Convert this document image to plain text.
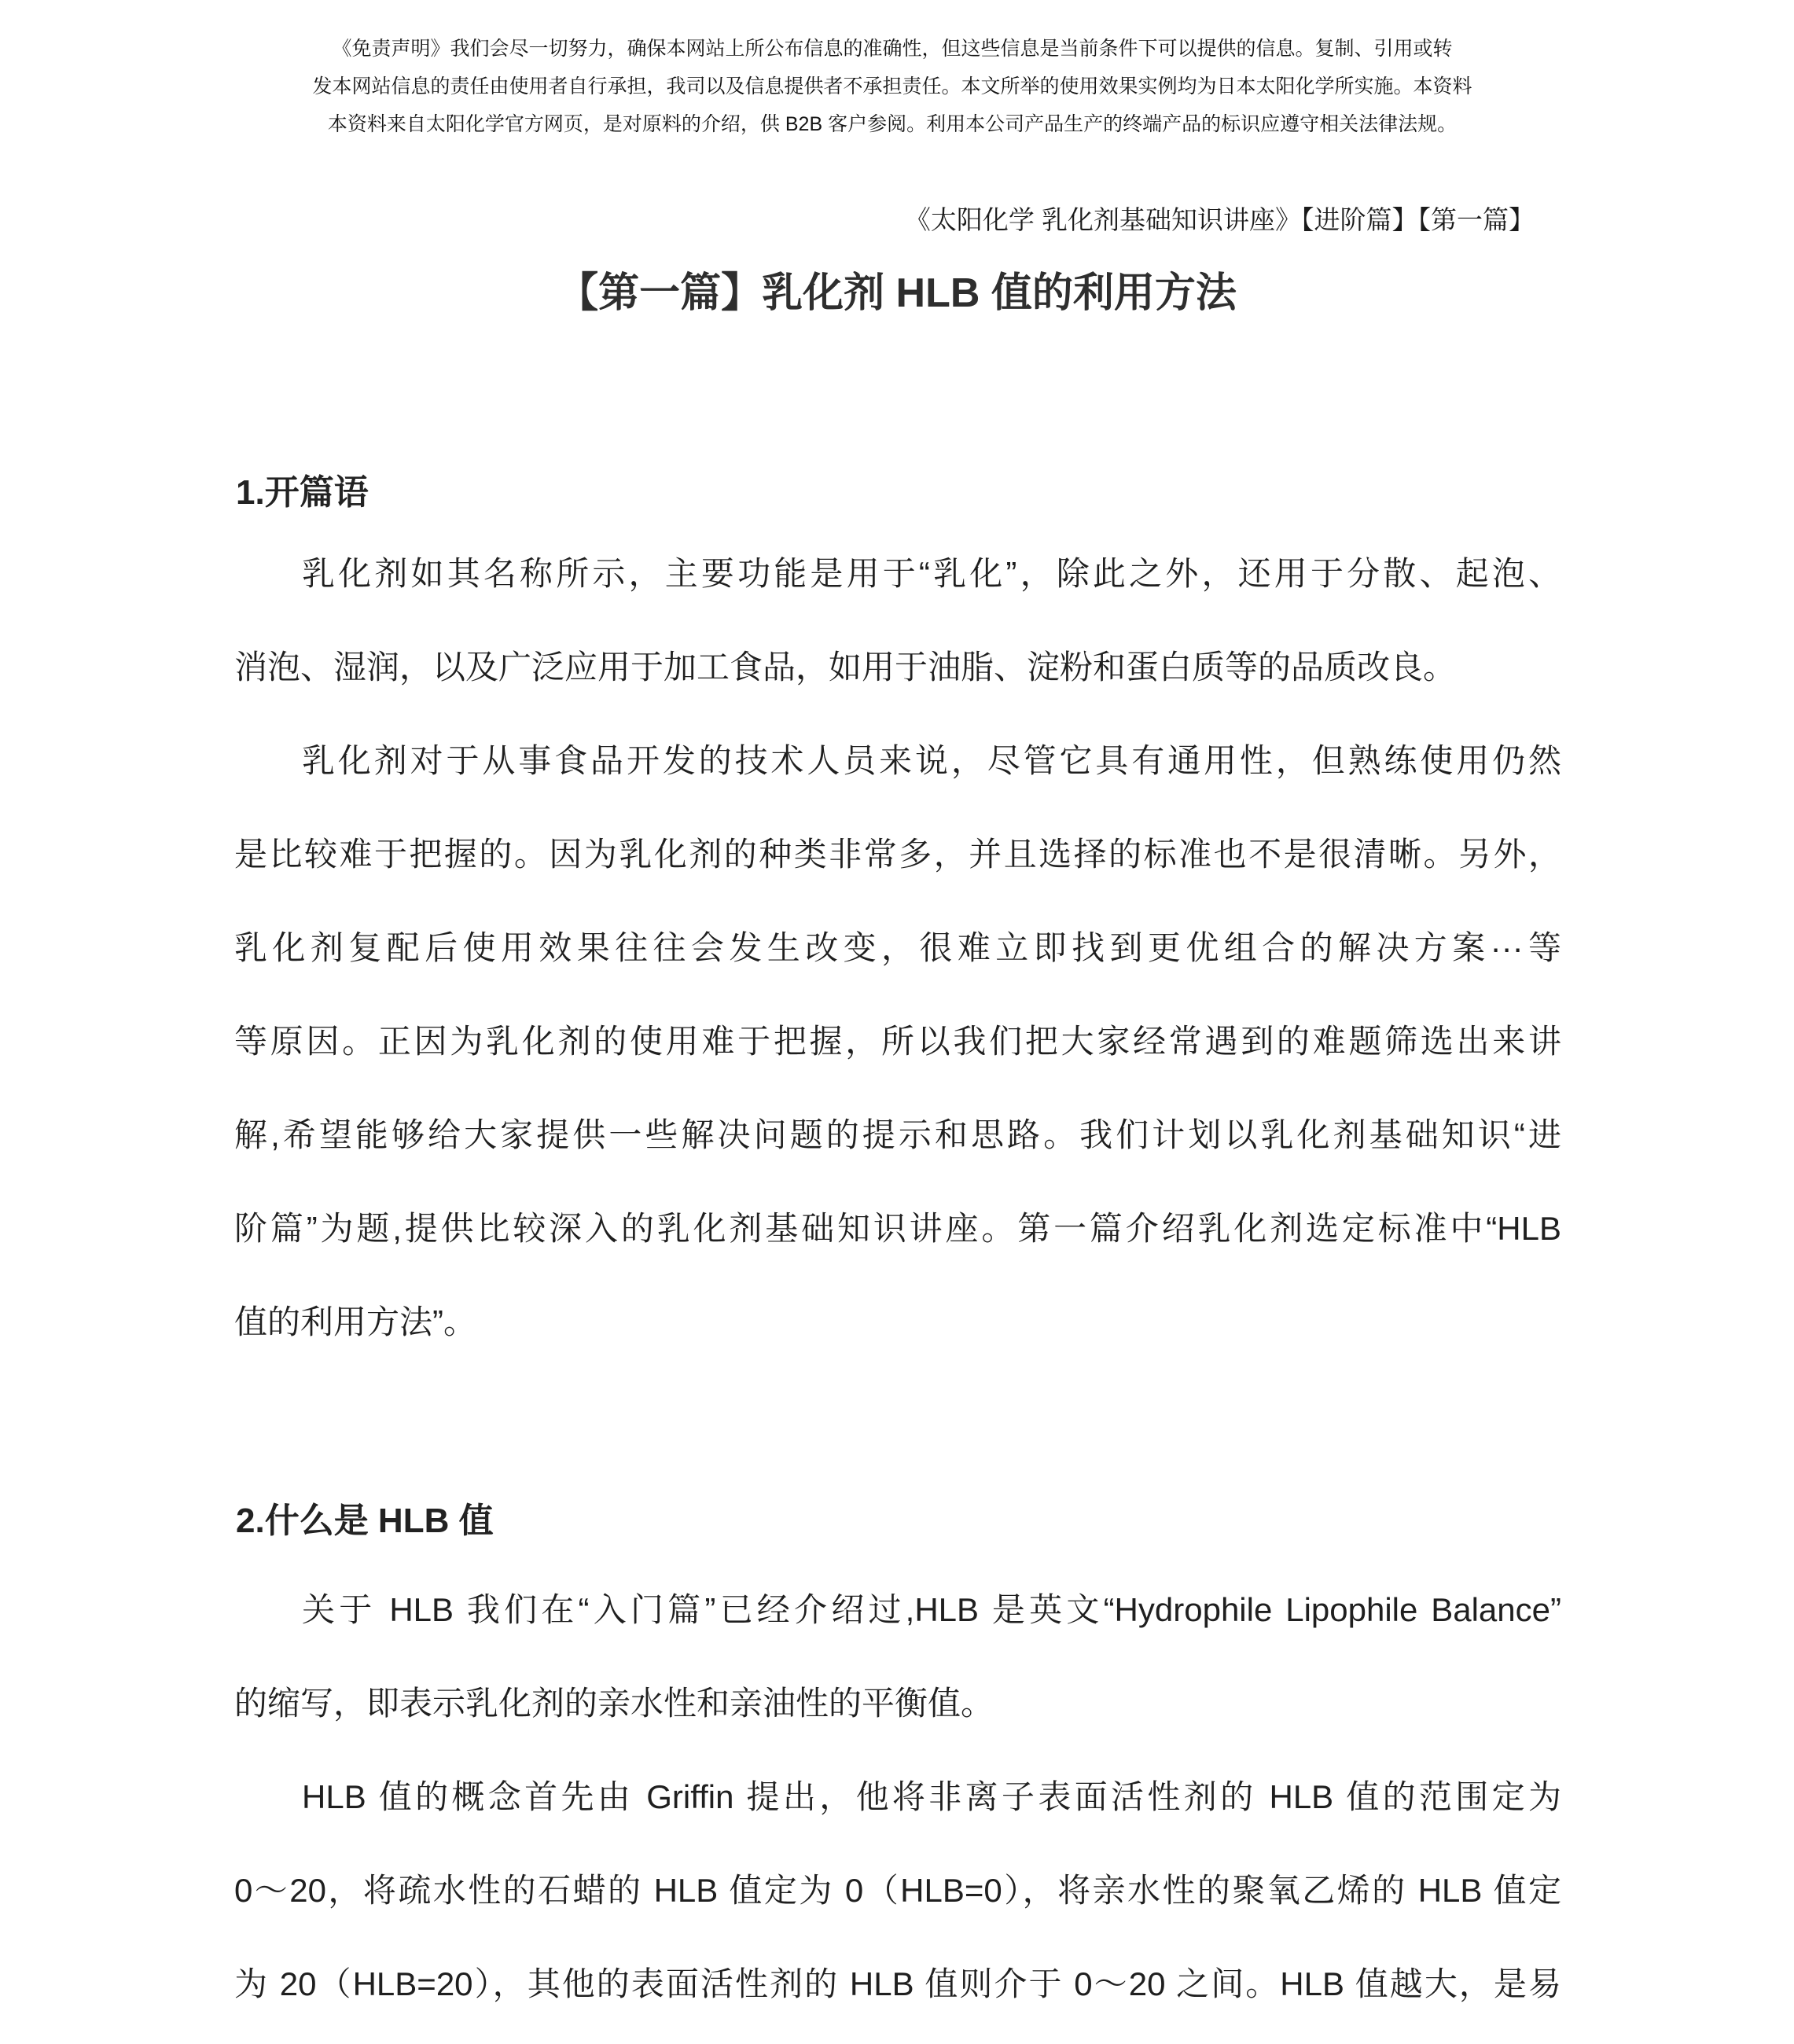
《免责声明》我们会尽一切努力，确保本网站上所公布信息的准确性，但这些信息是当前条件下可以提供的信息。复制、引用或转
发本网站信息的责任由使用者自行承担，我司以及信息提供者不承担责任。本文所举的使用效果实例均为日本太阳化学所实施。本资料
本资料来自太阳化学官方网页，是对原料的介绍，供 B2B 客户参阅。利用本公司产品生产的终端产品的标识应遵守相关法律法规。
《太阳化学 乳化剂基础知识讲座》【进阶篇】【第一篇】
【第一篇】乳化剂 HLB 值的利用方法
1.开篇语
乳化剂如其名称所示，主要功能是用于“乳化”，除此之外，还用于分散、起泡、
消泡、湿润，以及广泛应用于加工食品，如用于油脂、淀粉和蛋白质等的品质改良。
乳化剂对于从事食品开发的技术人员来说，尽管它具有通用性，但熟练使用仍然
是比较难于把握的。因为乳化剂的种类非常多，并且选择的标准也不是很清晰。另外，
乳化剂复配后使用效果往往会发生改变，很难立即找到更优组合的解决方案···等
等原因。正因为乳化剂的使用难于把握，所以我们把大家经常遇到的难题筛选出来讲
解,希望能够给大家提供一些解决问题的提示和思路。我们计划以乳化剂基础知识“进
阶篇”为题,提供比较深入的乳化剂基础知识讲座。第一篇介绍乳化剂选定标准中“HLB
值的利用方法”。
2.什么是 HLB 值
关于 HLB 我们在“入门篇”已经介绍过,HLB 是英文“Hydrophile Lipophile Balance”
的缩写，即表示乳化剂的亲水性和亲油性的平衡值。
HLB 值的概念首先由 Griffin 提出，他将非离子表面活性剂的 HLB 值的范围定为
0～20，将疏水性的石蜡的 HLB 值定为 0（HLB=0），将亲水性的聚氧乙烯的 HLB 值定
为 20（HLB=20），其他的表面活性剂的 HLB 值则介于 0～20 之间。HLB 值越大，是易
